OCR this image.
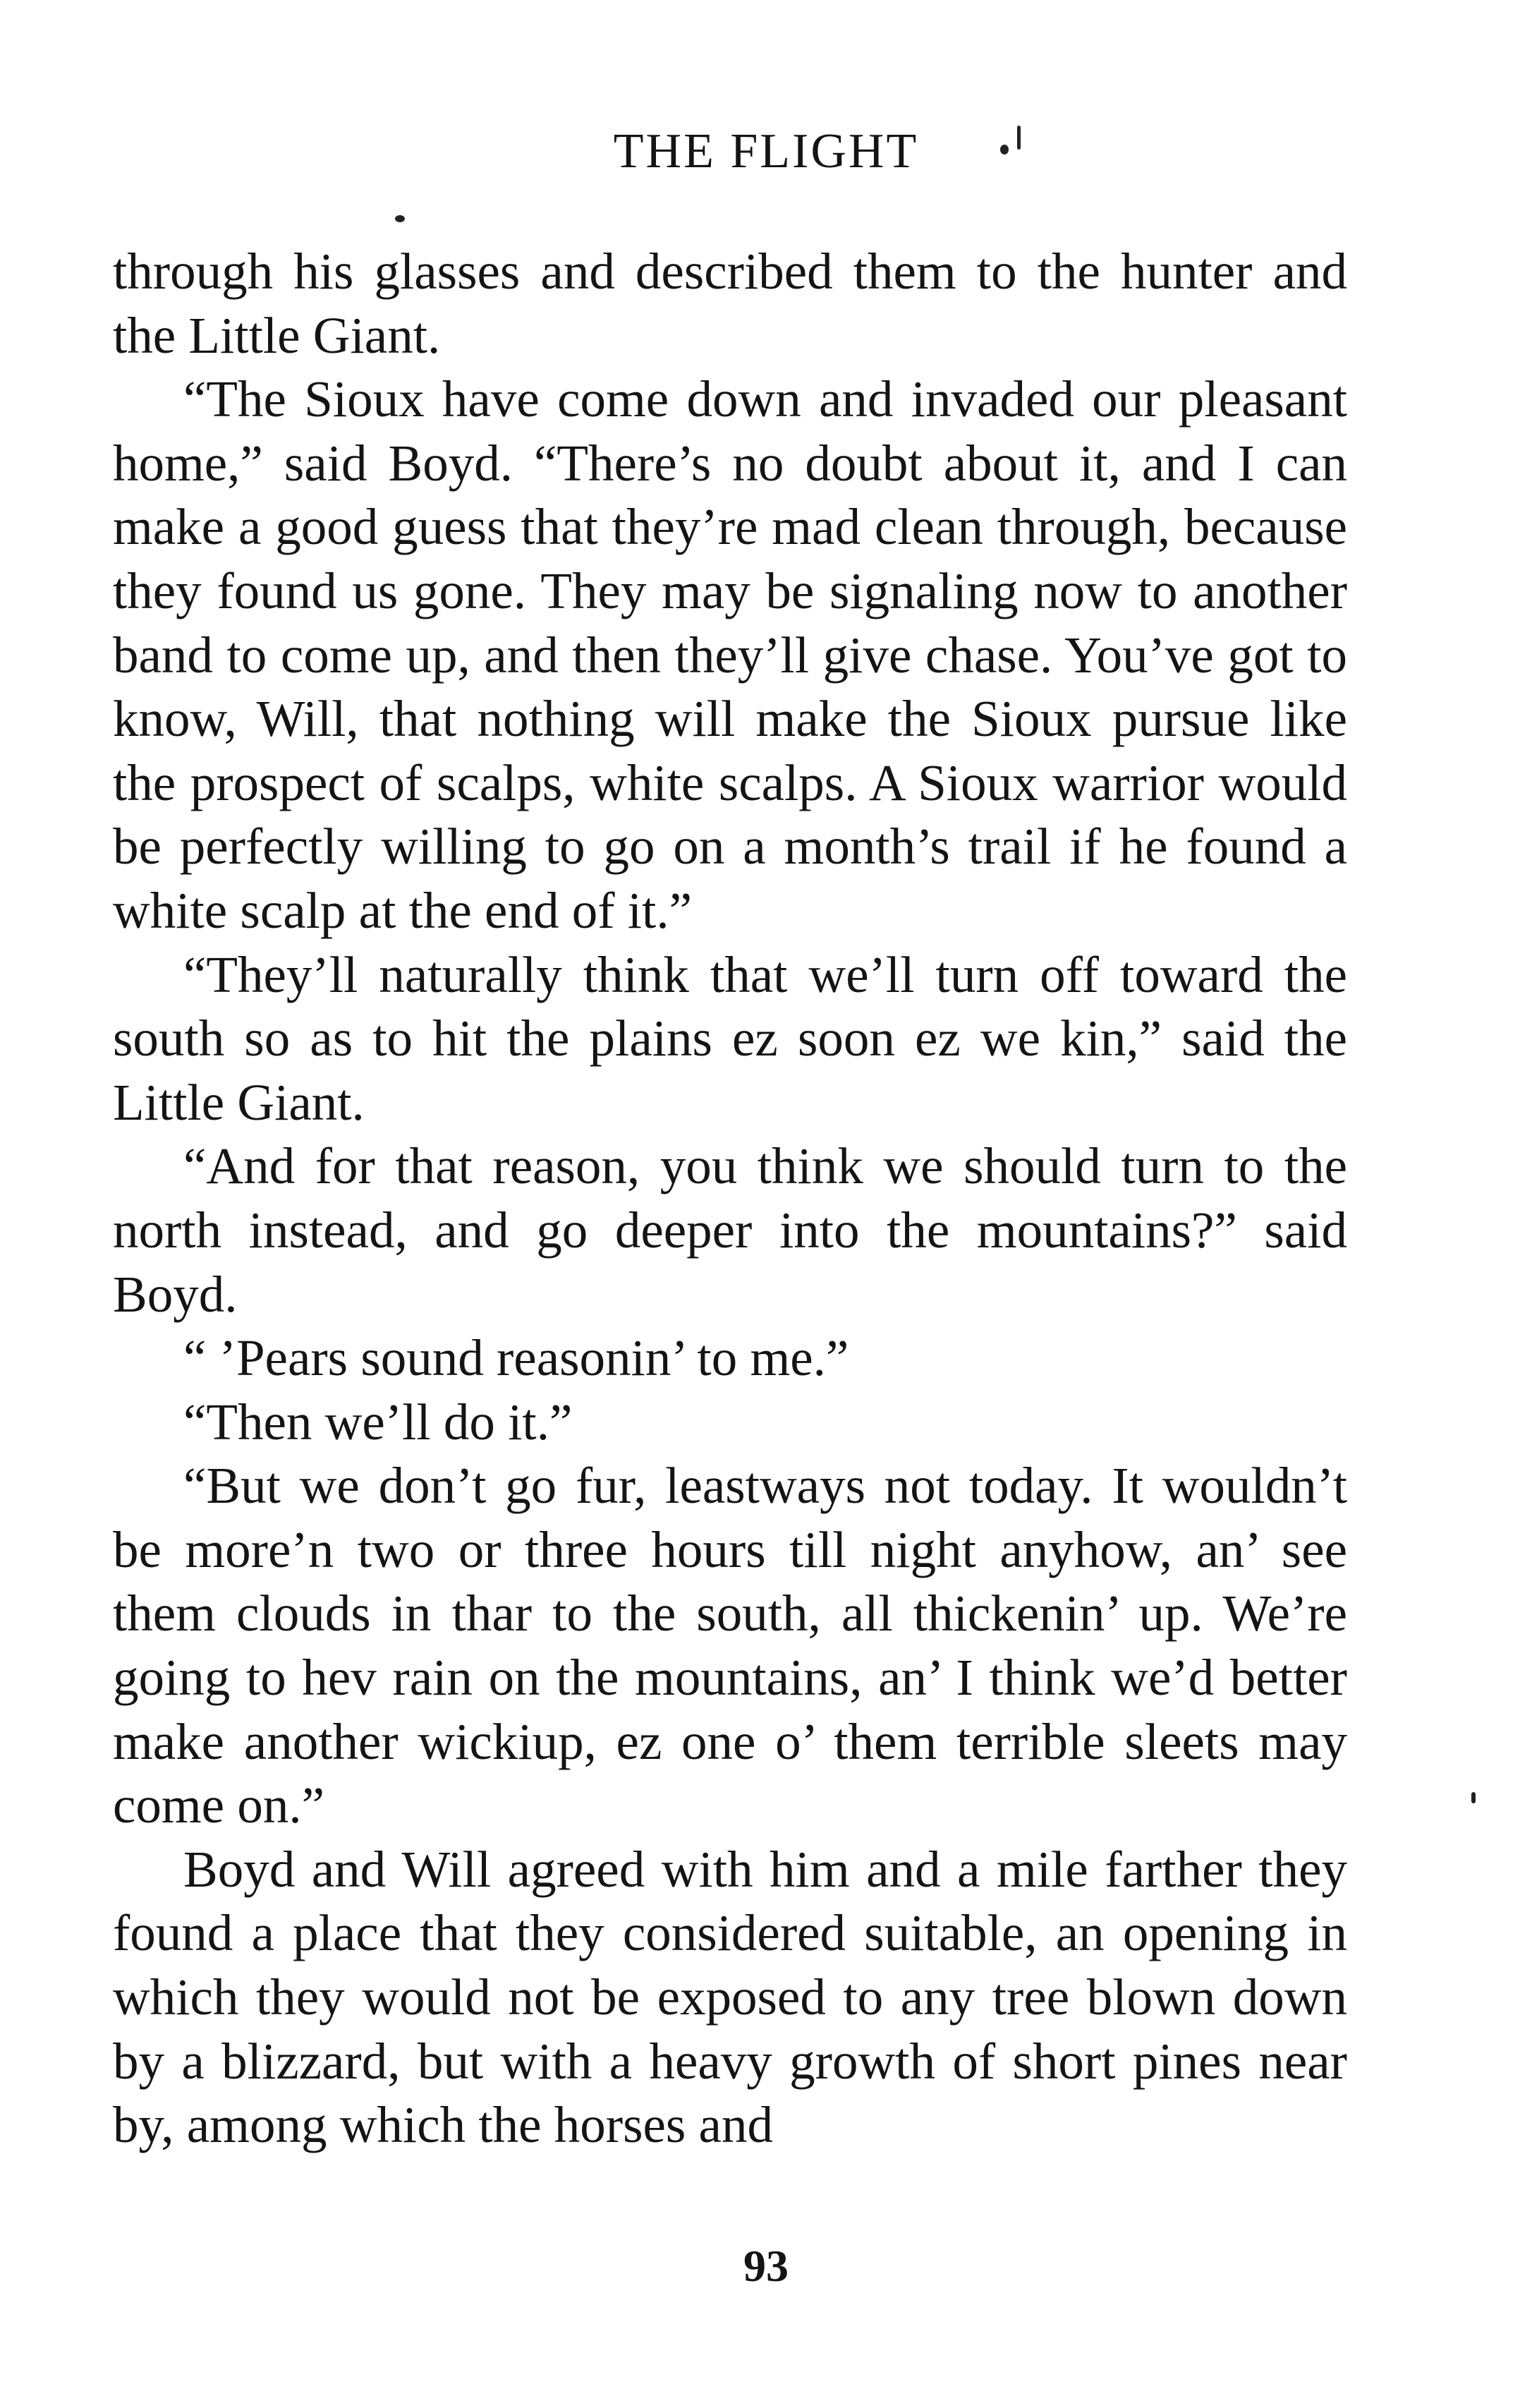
THE FLIGHT

through his glasses and described them to the hunter and the Little Giant.

“The Sioux have come down and invaded our pleasant home,” said Boyd. “There’s no doubt about it, and I can make a good guess that they’re mad clean through, because they found us gone. They may be signaling now to another band to come up, and then they’ll give chase. You’ve got to know, Will, that nothing will make the Sioux pursue like the prospect of scalps, white scalps. A Sioux warrior would be perfectly willing to go on a month’s trail if he found a white scalp at the end of it.”

“They’ll naturally think that we’ll turn off toward the south so as to hit the plains ez soon ez we kin,” said the Little Giant.

“And for that reason, you think we should turn to the north instead, and go deeper into the mountains?” said Boyd.

“ ’Pears sound reasonin’ to me.”

“Then we’ll do it.”

“But we don’t go fur, leastways not today. It wouldn’t be more’n two or three hours till night anyhow, an’ see them clouds in thar to the south, all thickenin’ up. We’re going to hev rain on the mountains, an’ I think we’d better make another wickiup, ez one o’ them terrible sleets may come on.”

Boyd and Will agreed with him and a mile farther they found a place that they considered suitable, an opening in which they would not be exposed to any tree blown down by a blizzard, but with a heavy growth of short pines near by, among which the horses and

93
